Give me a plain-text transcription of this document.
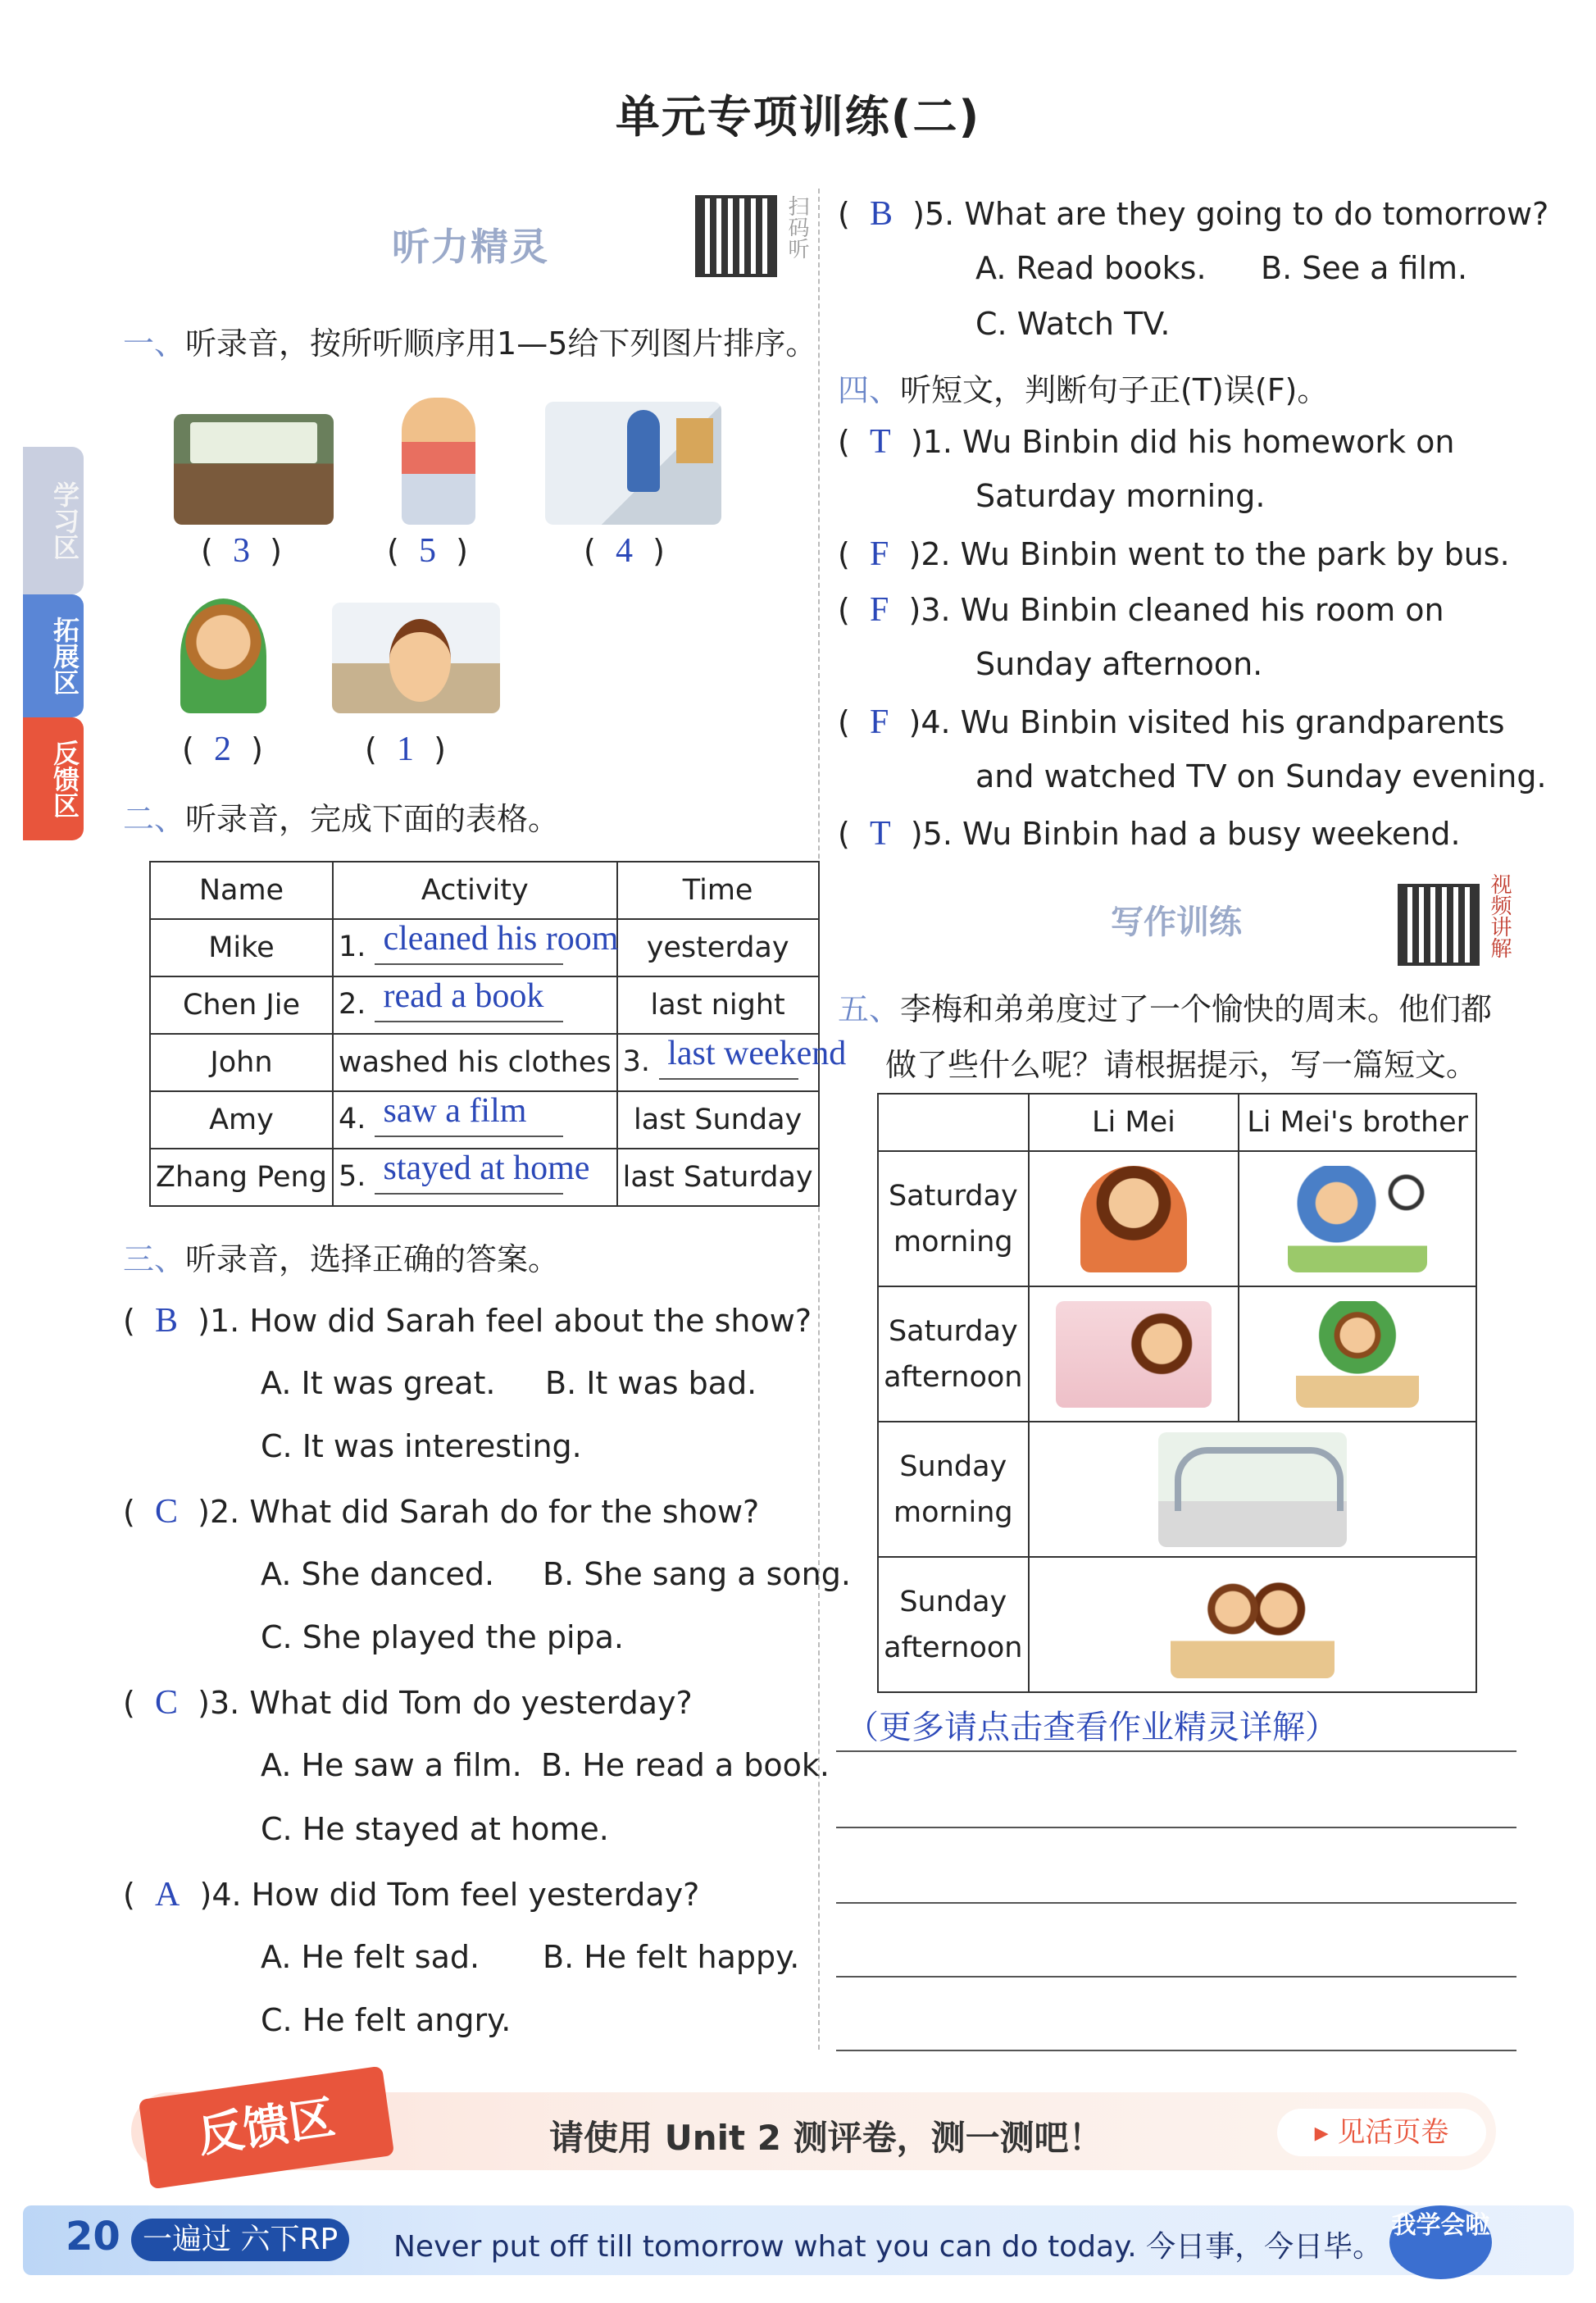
单元专项训练(二)
学习区
拓展区
反馈区
听力精灵	扫码听
一、听录音，按所听顺序用1—5给下列图片排序。
(  3  )	(  5  )	(  4  )
(  2  )	(  1  )
二、听录音，完成下面的表格。
Name	Activity	Time
Mike	1. cleaned his room	yesterday
Chen Jie	2. read a book	last night
John	washed his clothes	3. last weekend

Amy	4. saw a film	last Sunday
Zhang Peng	5. stayed at home	last Saturday
三、听录音，选择正确的答案。
(  B )1. How did Sarah feel about the show?
A. It was great. B. It was bad.
C. It was interesting.
(  C )2. What did Sarah do for the show?
A. She danced. B. She sang a song.
C. She played the pipa.
(  C )3. What did Tom do yesterday?
A. He saw a film. B. He read a book.
C. He stayed at home.
(  A )4. How did Tom feel yesterday?
A. He felt sad. B. He felt happy.
C. He felt angry.
(  B )5. What are they going to do tomorrow?
A. Read books. B. See a film.
C. Watch TV.
四、听短文，判断句子正(T)误(F)。
(  T )1. Wu Binbin did his homework on
Saturday morning.
(  F )2. Wu Binbin went to the park by bus.
(  F )3. Wu Binbin cleaned his room on
Sunday afternoon.
(  F )4. Wu Binbin visited his grandparents
and watched TV on Sunday evening.
(  T )5. Wu Binbin had a busy weekend.
写作训练	视频讲解
五、李梅和弟弟度过了一个愉快的周末。他们都
做了些什么呢？请根据提示，写一篇短文。
	Li Mei	Li Mei's brother

Saturday
morning		

Saturday
afternoon		

Sunday
morning		

Sunday
afternoon		

（更多请点击查看作业精灵详解）
反馈区	请使用 Unit 2 测评卷，测一测吧！	▸ 见活页卷
20 一遍过 六下RP	Never put off till tomorrow what you can do today. 今日事，今日毕。
我学会啦
